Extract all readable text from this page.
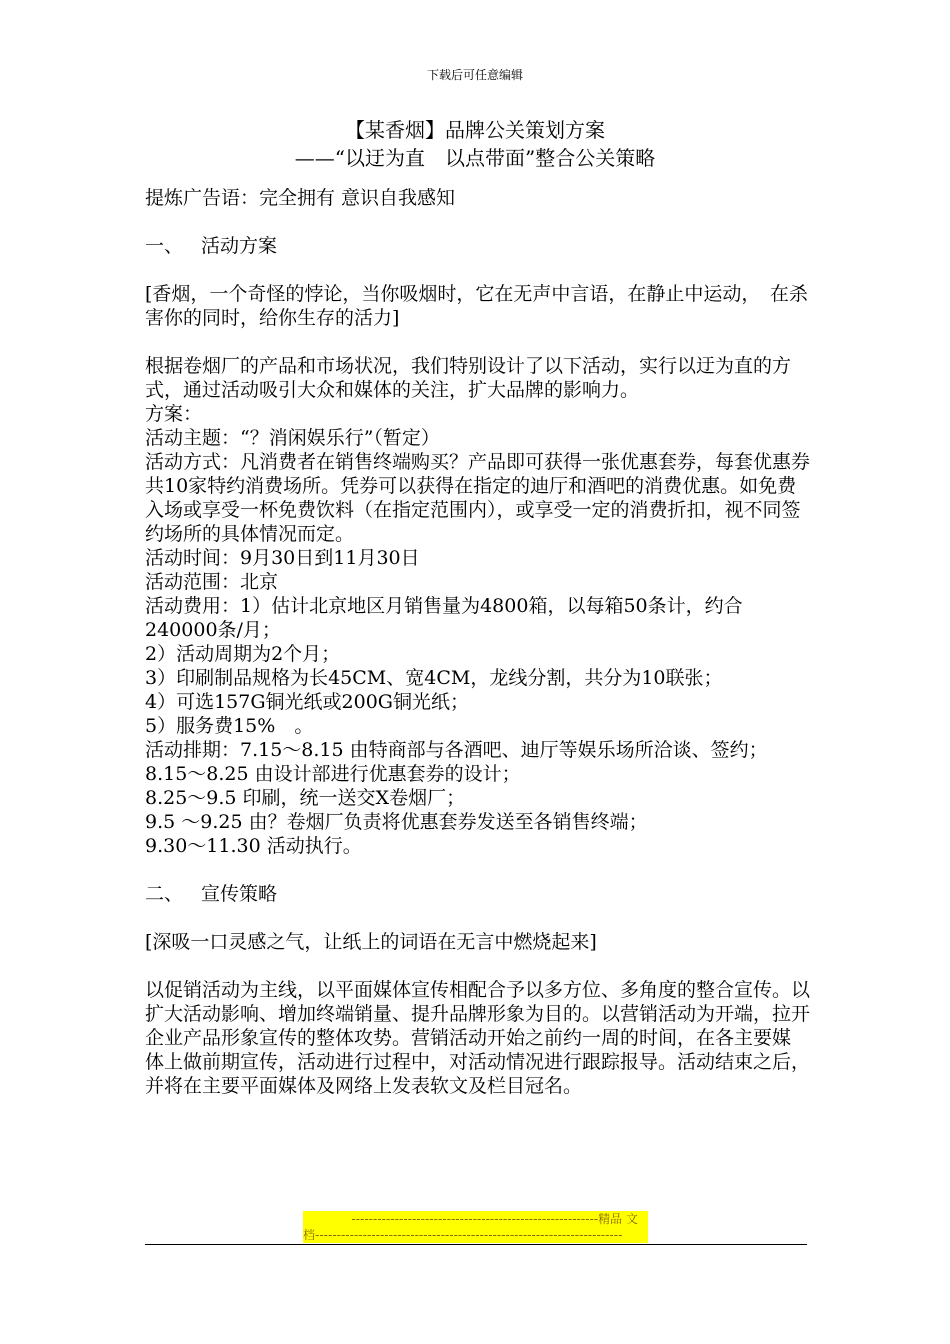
下载后可任意编辑
【某香烟】品牌公关策划方案
——“以迂为直　以点带面”整合公关策略

提炼广告语：完全拥有 意识自我感知

一、 活动方案

[香烟，一个奇怪的悖论，当你吸烟时，它在无声中言语，在静止中运动，　在杀害你的同时，给你生存的活力]

根据卷烟厂的产品和市场状况，我们特别设计了以下活动，实行以迂为直的方式，通过活动吸引大众和媒体的关注，扩大品牌的影响力。

方案：

活动主题：“？消闲娱乐行”（暂定）

活动方式：凡消费者在销售终端购买？产品即可获得一张优惠套券，每套优惠券共10家特约消费场所。凭券可以获得在指定的迪厅和酒吧的消费优惠。如免费入场或享受一杯免费饮料（在指定范围内），或享受一定的消费折扣，视不同签约场所的具体情况而定。

活动时间：9月30日到11月30日

活动范围：北京

活动费用：1）估计北京地区月销售量为4800箱，以每箱50条计，约合240000条/月；

2）活动周期为2个月；

3）印刷制品规格为长45CM、宽4CM，龙线分割，共分为10联张；

4）可选157G铜光纸或200G铜光纸；

5）服务费15%　。

活动排期：7.15～8.15 由特商部与各酒吧、迪厅等娱乐场所洽谈、签约；

8.15～8.25 由设计部进行优惠套券的设计；

8.25～9.5 印刷，统一送交X卷烟厂；

9.5 ～9.25 由？卷烟厂负责将优惠套券发送至各销售终端；

9.30～11.30 活动执行。

二、 宣传策略

[深吸一口灵感之气，让纸上的词语在无言中燃烧起来]

以促销活动为主线，以平面媒体宣传相配合予以多方位、多角度的整合宣传。以扩大活动影响、增加终端销量、提升品牌形象为目的。以营销活动为开端，拉开企业产品形象宣传的整体攻势。营销活动开始之前约一周的时间，在各主要媒

体上做前期宣传，活动进行过程中，对活动情况进行跟踪报导。活动结束之后，并将在主要平面媒体及网络上发表软文及栏目冠名。

---------------------------------------------------------精品 文
档-----------------------------------------------------------------------
